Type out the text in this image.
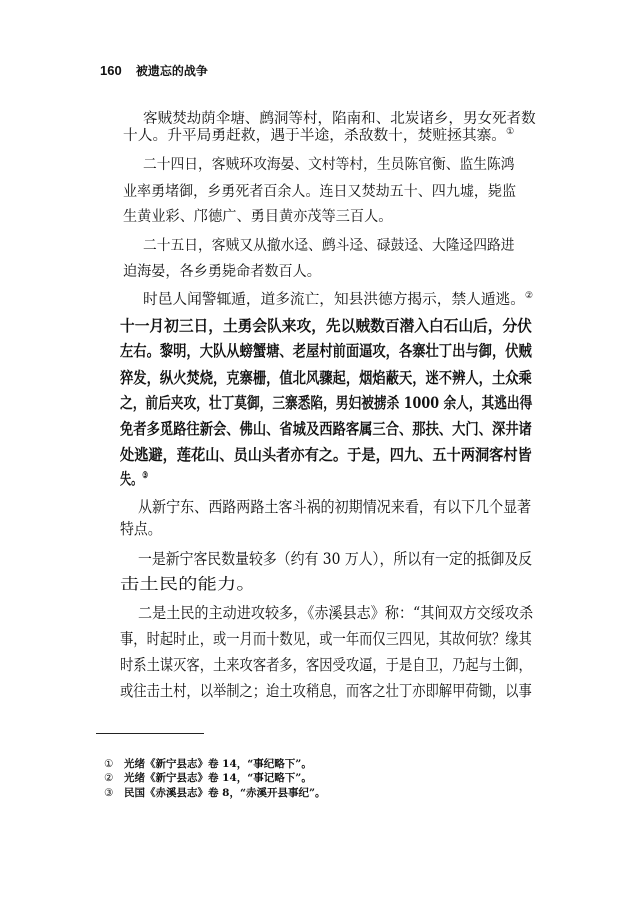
160 被遗忘的战争
客贼焚劫荫伞塘、鹧洞等村，陷南和、北炭诸乡，男女死者数
十人。升平局勇赶救，遇于半途，杀敌数十，焚赃拯其寨。①
二十四日，客贼环攻海晏、文村等村，生员陈官衡、监生陈鸿
业率勇堵御，乡勇死者百余人。连日又焚劫五十、四九墟，毙监
生黄业彩、邝德广、勇目黄亦茂等三百人。
二十五日，客贼又从撤水迳、鹧斗迳、碌鼓迳、大隆迳四路进
迫海晏，各乡勇毙命者数百人。
时邑人闻警辄遁，道多流亡，知县洪德方揭示，禁人遁逃。②
十一月初三日，土勇会队来攻，先以贼数百潜入白石山后，分伏
左右。黎明，大队从螃蟹塘、老屋村前面逼攻，各寨壮丁出与御，伏贼
猝发，纵火焚烧，克寨栅，值北风骤起，烟焰蔽天，迷不辨人，土众乘
之，前后夹攻，壮丁莫御，三寨悉陷，男妇被掳杀 1000 余人，其逃出得
免者多觅路往新会、佛山、省城及西路客属三合、那扶、大门、深井诸
处逃避，莲花山、员山头者亦有之。于是，四九、五十两洞客村皆
失。③
从新宁东、西路两路土客斗祸的初期情况来看，有以下几个显著
特点。
一是新宁客民数量较多（约有 30 万人），所以有一定的抵御及反
击土民的能力。
二是土民的主动进攻较多，《赤溪县志》称：“其间双方交绥攻杀
事，时起时止，或一月而十数见，或一年而仅三四见，其故何欤？缘其
时系土谋灭客，土来攻客者多，客因受攻逼，于是自卫，乃起与土御，
或往击土村，以举制之；迨土攻稍息，而客之壮丁亦即解甲荷锄，以事
① 光绪《新宁县志》卷 14，“事纪略下”。
② 光绪《新宁县志》卷 14，“事记略下”。
③ 民国《赤溪县志》卷 8，“赤溪开县事纪”。
